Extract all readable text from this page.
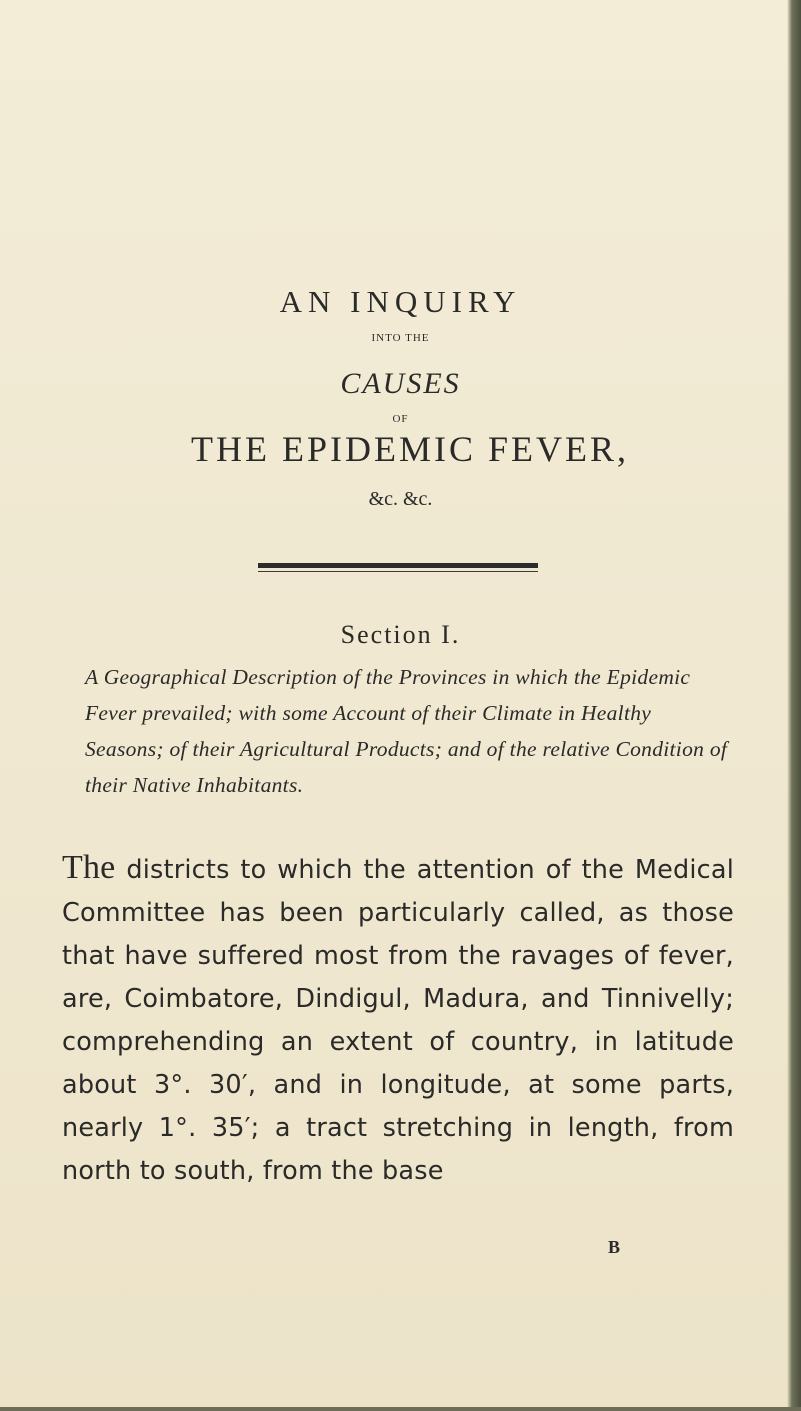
AN INQUIRY
INTO THE
CAUSES
OF
THE EPIDEMIC FEVER,
&c. &c.
Section I.
A Geographical Description of the Provinces in which the Epidemic Fever prevailed; with some Account of their Climate in Healthy Seasons; of their Agricultural Products; and of the relative Condition of their Native Inhabitants.
The districts to which the attention of the Medical Committee has been particularly called, as those that have suffered most from the ravages of fever, are, Coimbatore, Dindigul, Madura, and Tinnivelly; comprehending an extent of country, in latitude about 3°. 30′, and in longitude, at some parts, nearly 1°. 35′; a tract stretching in length, from north to south, from the base
B
